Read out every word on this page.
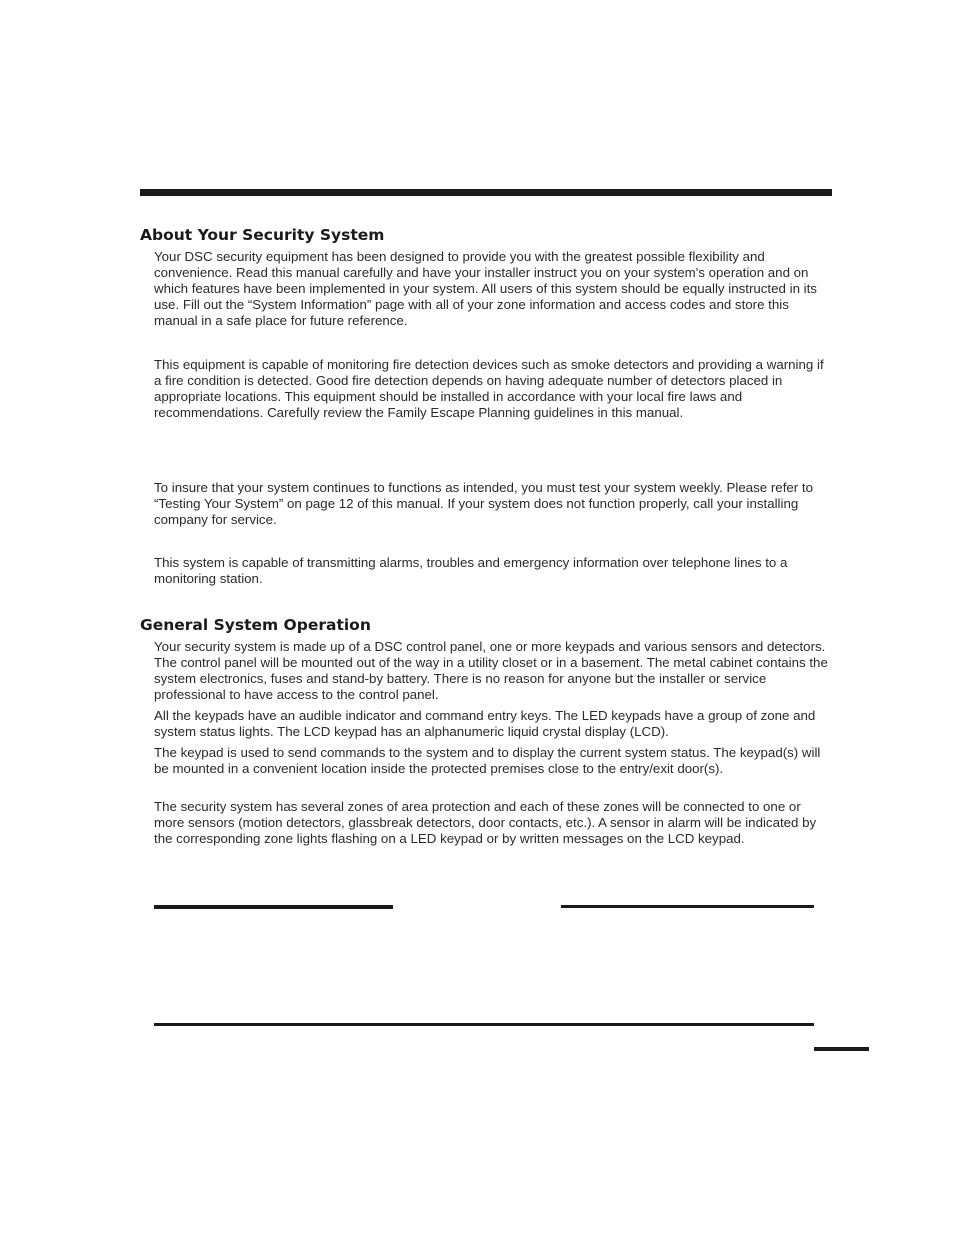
About Your Security System

Your DSC security equipment has been designed to provide you with the greatest possible flexibility and convenience. Read this manual carefully and have your installer instruct you on your system's operation and on which features have been implemented in your system. All users of this system should be equally instructed in its use. Fill out the “System Information” page with all of your zone information and access codes and store this manual in a safe place for future reference.

This equipment is capable of monitoring fire detection devices such as smoke detectors and providing a warning if a fire condition is detected. Good fire detection depends on having adequate number of detectors placed in appropriate locations. This equipment should be installed in accordance with your local fire laws and recommendations. Carefully review the Family Escape Planning guidelines in this manual.

To insure that your system continues to functions as intended, you must test your system weekly. Please refer to “Testing Your System” on page 12 of this manual. If your system does not function properly, call your installing company for service.

This system is capable of transmitting alarms, troubles and emergency information over telephone lines to a monitoring station.

General System Operation

Your security system is made up of a DSC control panel, one or more keypads and various sensors and detectors. The control panel will be mounted out of the way in a utility closet or in a basement. The metal cabinet contains the system electronics, fuses and stand-by battery. There is no reason for anyone but the installer or service professional to have access to the control panel.

All the keypads have an audible indicator and command entry keys. The LED keypads have a group of zone and system status lights. The LCD keypad has an alphanumeric liquid crystal display (LCD).

The keypad is used to send commands to the system and to display the current system status. The keypad(s) will be mounted in a convenient location inside the protected premises close to the entry/exit door(s).

The security system has several zones of area protection and each of these zones will be connected to one or more sensors (motion detectors, glassbreak detectors, door contacts, etc.). A sensor in alarm will be indicated by the corresponding zone lights flashing on a LED keypad or by written messages on the LCD keypad.
